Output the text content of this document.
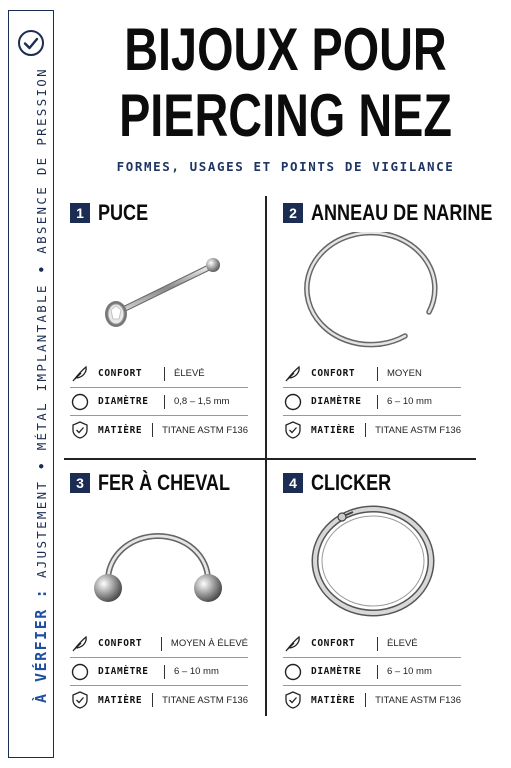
À VÉRFIER : AJUSTEMENT • MÉTAL IMPLANTABLE • ABSENCE DE PRESSION
BIJOUX POUR
PIERCING NEZ
FORMES, USAGES ET POINTS DE VIGILANCE
1 PUCE
CONFORT	ÉLEVÉ
DIAMÈTRE	0,8 – 1,5 mm
MATIÈRE	TITANE ASTM F136
2 ANNEAU DE NARINE
CONFORT	MOYEN
DIAMÈTRE	6 – 10 mm
MATIÈRE	TITANE ASTM F136
3 FER À CHEVAL
CONFORT	MOYEN À ÉLEVÉ
DIAMÈTRE	6 – 10 mm
MATIÈRE	TITANE ASTM F136
4 CLICKER
CONFORT	ÉLEVÉ
DIAMÈTRE	6 – 10 mm
MATIÈRE	TITANE ASTM F136
